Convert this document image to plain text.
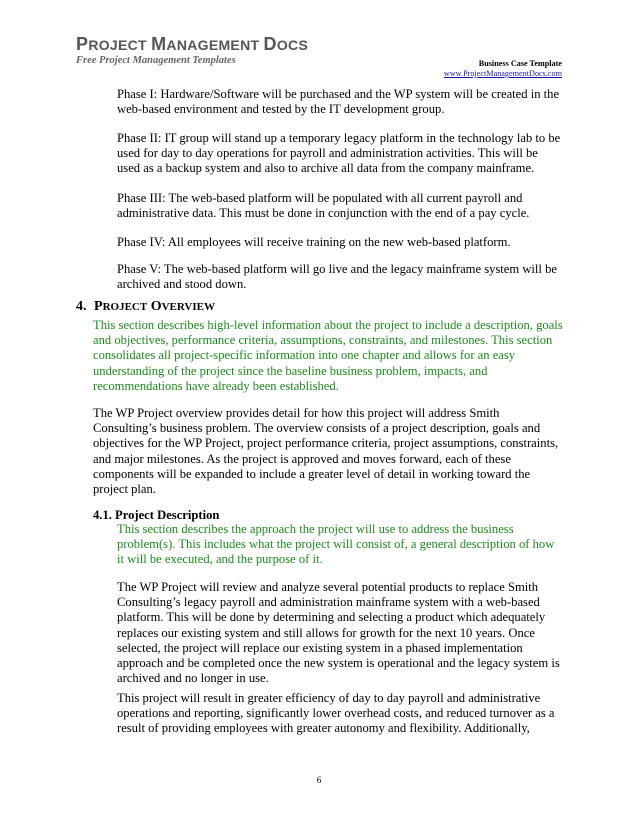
PROJECT MANAGEMENT DOCS
Free Project Management Templates	Business Case Template
www.ProjectManagementDocs.com
Phase I: Hardware/Software will be purchased and the WP system will be created in the
web-based environment and tested by the IT development group.
Phase II: IT group will stand up a temporary legacy platform in the technology lab to be
used for day to day operations for payroll and administration activities. This will be
used as a backup system and also to archive all data from the company mainframe.
Phase III: The web-based platform will be populated with all current payroll and
administrative data. This must be done in conjunction with the end of a pay cycle.
Phase IV: All employees will receive training on the new web-based platform.
Phase V: The web-based platform will go live and the legacy mainframe system will be
archived and stood down.
4. PROJECT OVERVIEW
This section describes high-level information about the project to include a description, goals
and objectives, performance criteria, assumptions, constraints, and milestones. This section
consolidates all project-specific information into one chapter and allows for an easy
understanding of the project since the baseline business problem, impacts, and
recommendations have already been established.
The WP Project overview provides detail for how this project will address Smith
Consulting’s business problem. The overview consists of a project description, goals and
objectives for the WP Project, project performance criteria, project assumptions, constraints,
and major milestones. As the project is approved and moves forward, each of these
components will be expanded to include a greater level of detail in working toward the
project plan.
4.1. Project Description
This section describes the approach the project will use to address the business
problem(s). This includes what the project will consist of, a general description of how
it will be executed, and the purpose of it.
The WP Project will review and analyze several potential products to replace Smith
Consulting’s legacy payroll and administration mainframe system with a web-based
platform. This will be done by determining and selecting a product which adequately
replaces our existing system and still allows for growth for the next 10 years. Once
selected, the project will replace our existing system in a phased implementation
approach and be completed once the new system is operational and the legacy system is
archived and no longer in use.
This project will result in greater efficiency of day to day payroll and administrative
operations and reporting, significantly lower overhead costs, and reduced turnover as a
result of providing employees with greater autonomy and flexibility. Additionally,
6
